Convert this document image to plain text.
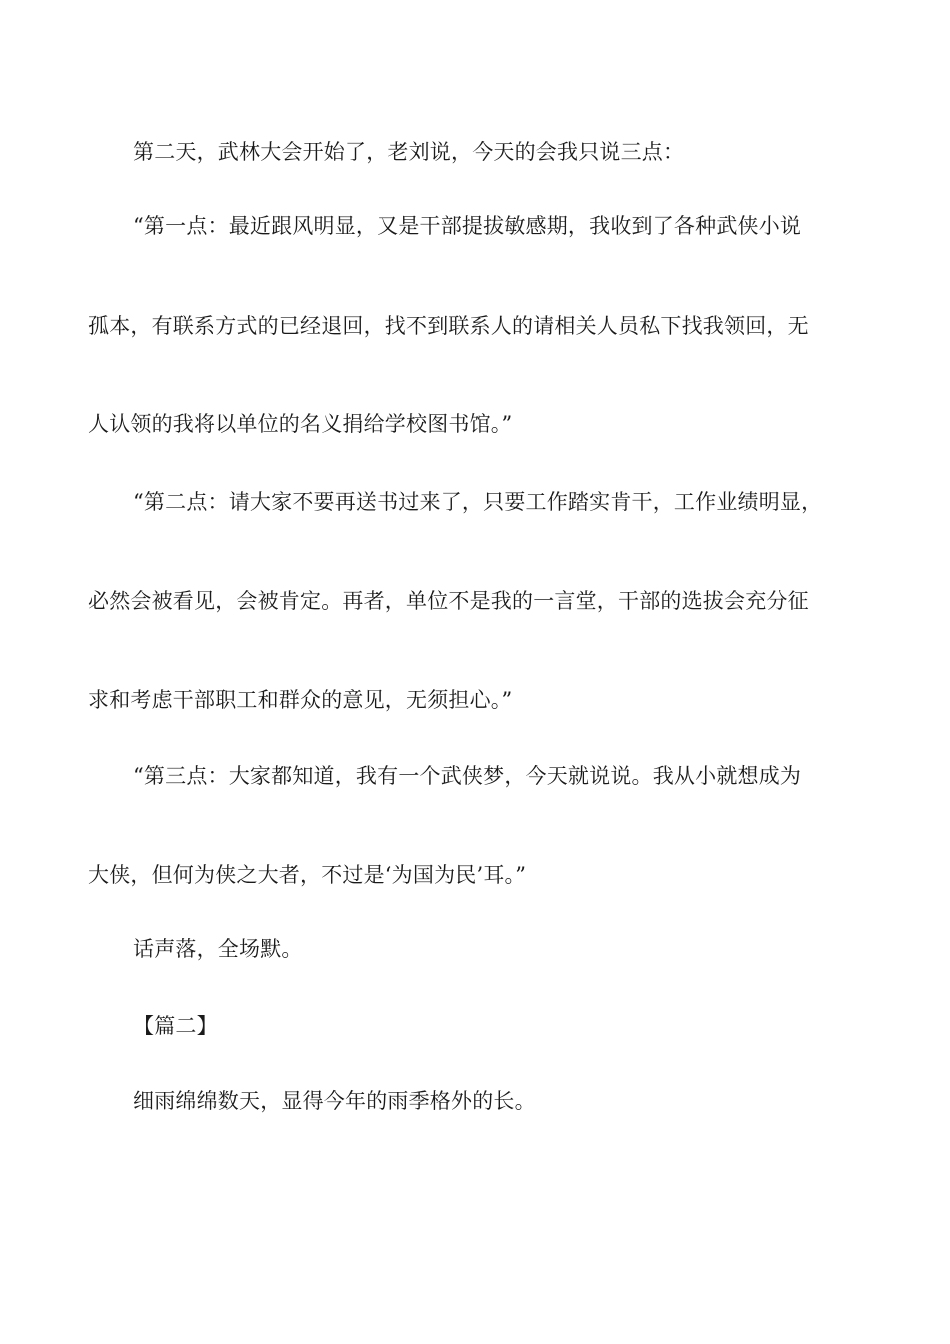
第二天，武林大会开始了，老刘说，今天的会我只说三点：
“第一点：最近跟风明显，又是干部提拔敏感期，我收到了各种武侠小说
孤本，有联系方式的已经退回，找不到联系人的请相关人员私下找我领回，无
人认领的我将以单位的名义捐给学校图书馆。”
“第二点：请大家不要再送书过来了，只要工作踏实肯干，工作业绩明显，
必然会被看见，会被肯定。再者，单位不是我的一言堂，干部的选拔会充分征
求和考虑干部职工和群众的意见，无须担心。”
“第三点：大家都知道，我有一个武侠梦，今天就说说。我从小就想成为
大侠，但何为侠之大者，不过是‘为国为民’耳。”
话声落，全场默。
【篇二】
细雨绵绵数天，显得今年的雨季格外的长。
